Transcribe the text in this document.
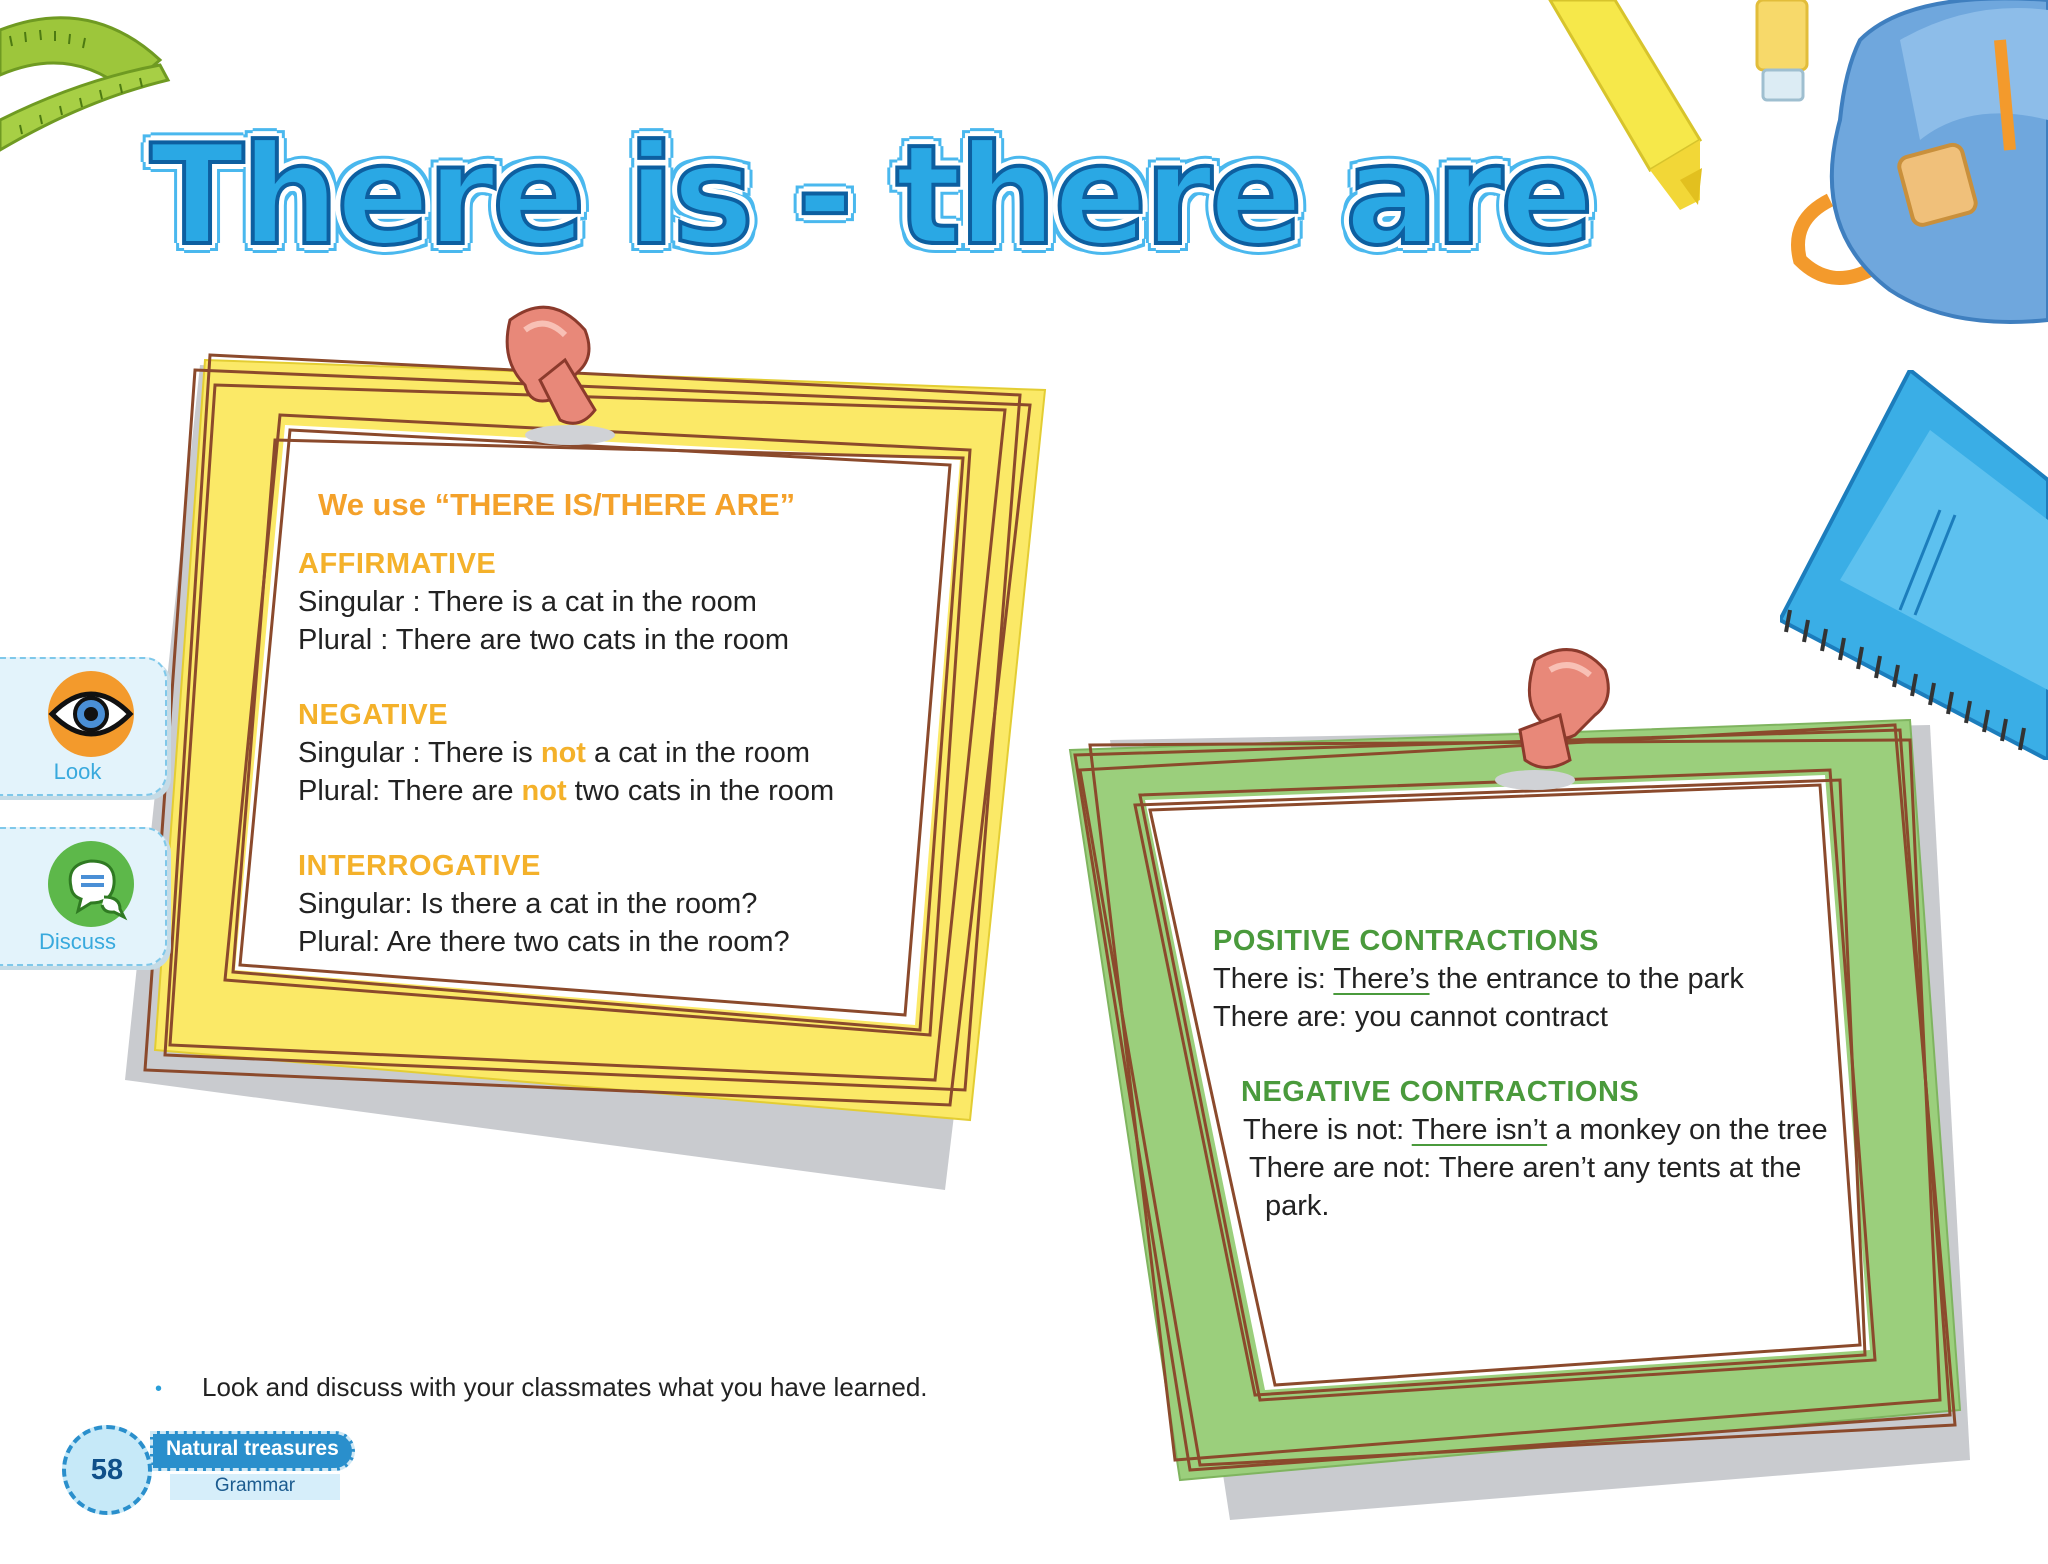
There is - there are
We use “THERE IS/THERE ARE”
AFFIRMATIVE
Singular : There is a cat in the room
Plural : There are two cats in the room
NEGATIVE
Singular : There is not a cat in the room
Plural: There are not two cats in the room
INTERROGATIVE
Singular: Is there a cat in the room?
Plural: Are there two cats in the room?	POSITIVE CONTRACTIONS
There is: There’s the entrance to the park
There are: you cannot contract
NEGATIVE CONTRACTIONS
There is not: There isn’t a monkey on the tree
There are not: There aren’t any tents at the
park.
Look
Discuss
• Look and discuss with your classmates what you have learned.
Natural treasures
Grammar
58
